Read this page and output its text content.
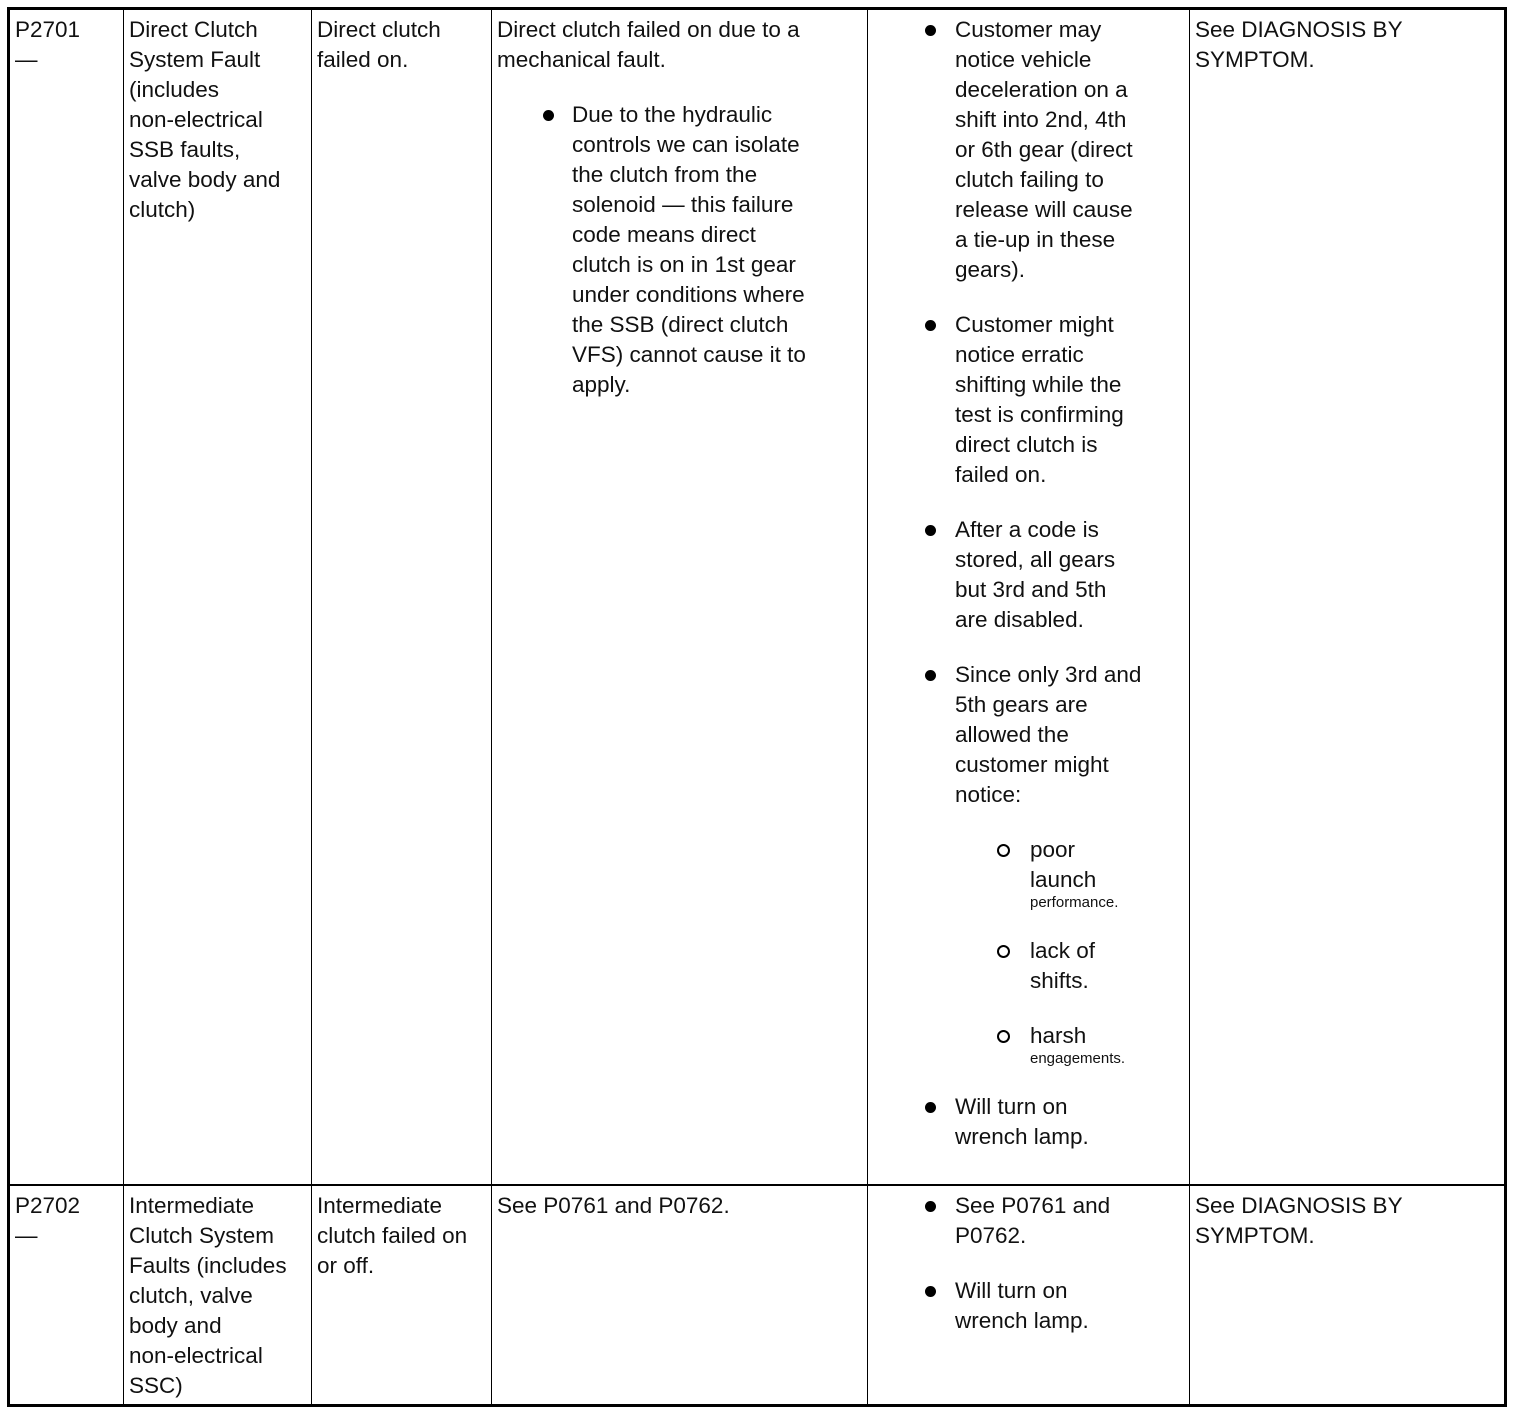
P2701
—
Direct Clutch
System Fault
(includes
non-electrical
SSB faults,
valve body and
clutch)
Direct clutch
failed on.
Direct clutch failed on due to a
mechanical fault.
Due to the hydraulic
controls we can isolate
the clutch from the
solenoid — this failure
code means direct
clutch is on in 1st gear
under conditions where
the SSB (direct clutch
VFS) cannot cause it to
apply.
Customer may
notice vehicle
deceleration on a
shift into 2nd, 4th
or 6th gear (direct
clutch failing to
release will cause
a tie-up in these
gears).
Customer might
notice erratic
shifting while the
test is confirming
direct clutch is
failed on.
After a code is
stored, all gears
but 3rd and 5th
are disabled.
Since only 3rd and
5th gears are
allowed the
customer might
notice:
poor
launch
performance.
lack of
shifts.
harsh
engagements.
Will turn on
wrench lamp.
See DIAGNOSIS BY
SYMPTOM.
P2702
—
Intermediate
Clutch System
Faults (includes
clutch, valve
body and
non-electrical
SSC)
Intermediate
clutch failed on
or off.
See P0761 and P0762.	See P0761 and
P0762.
Will turn on
wrench lamp.
See DIAGNOSIS BY
SYMPTOM.
